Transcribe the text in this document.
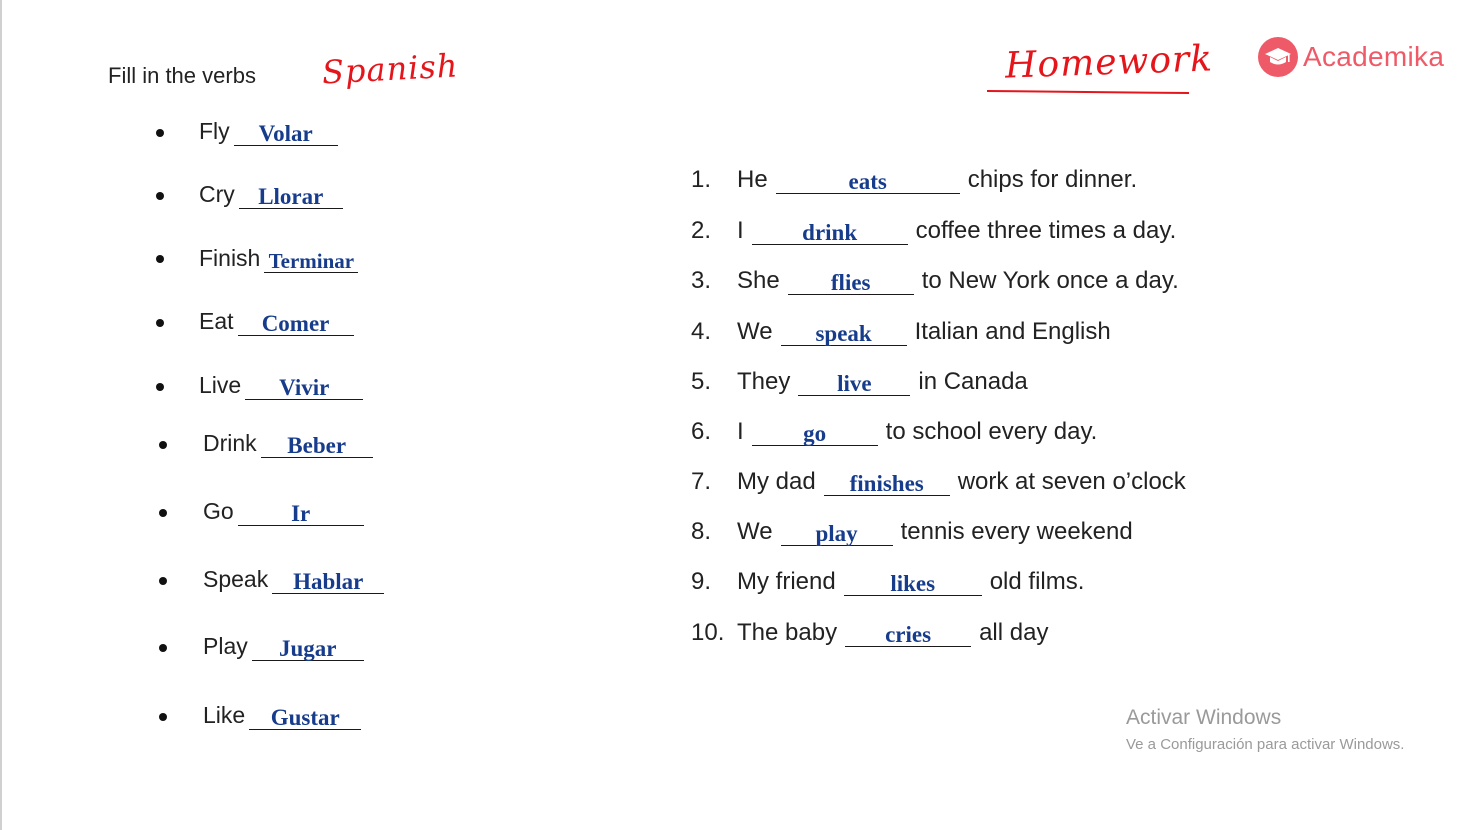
Fill in the verbs Spanish	Homework	Academika
Fly	Volar
Cry	Llorar
Finish Terminar
Eat	Comer
Live	Vivir
Drink	Beber
Go	Ir
Speak	Hablar
Play	Jugar
Like	Gustar
1.	He	eats	chips for dinner.
2.	I	drink	coffee three times a day.
3.	She	flies	to New York once a day.
4.	We	speak	Italian and English
5.	They	live	in Canada
6.	I	go	to school every day.
7.	My dad	finishes	work at seven o’clock
8.	We	play	tennis every weekend
9.	My friend	likes	old films.
10. The baby	cries	all day
Activar Windows
Ve a Configuración para activar Windows.
